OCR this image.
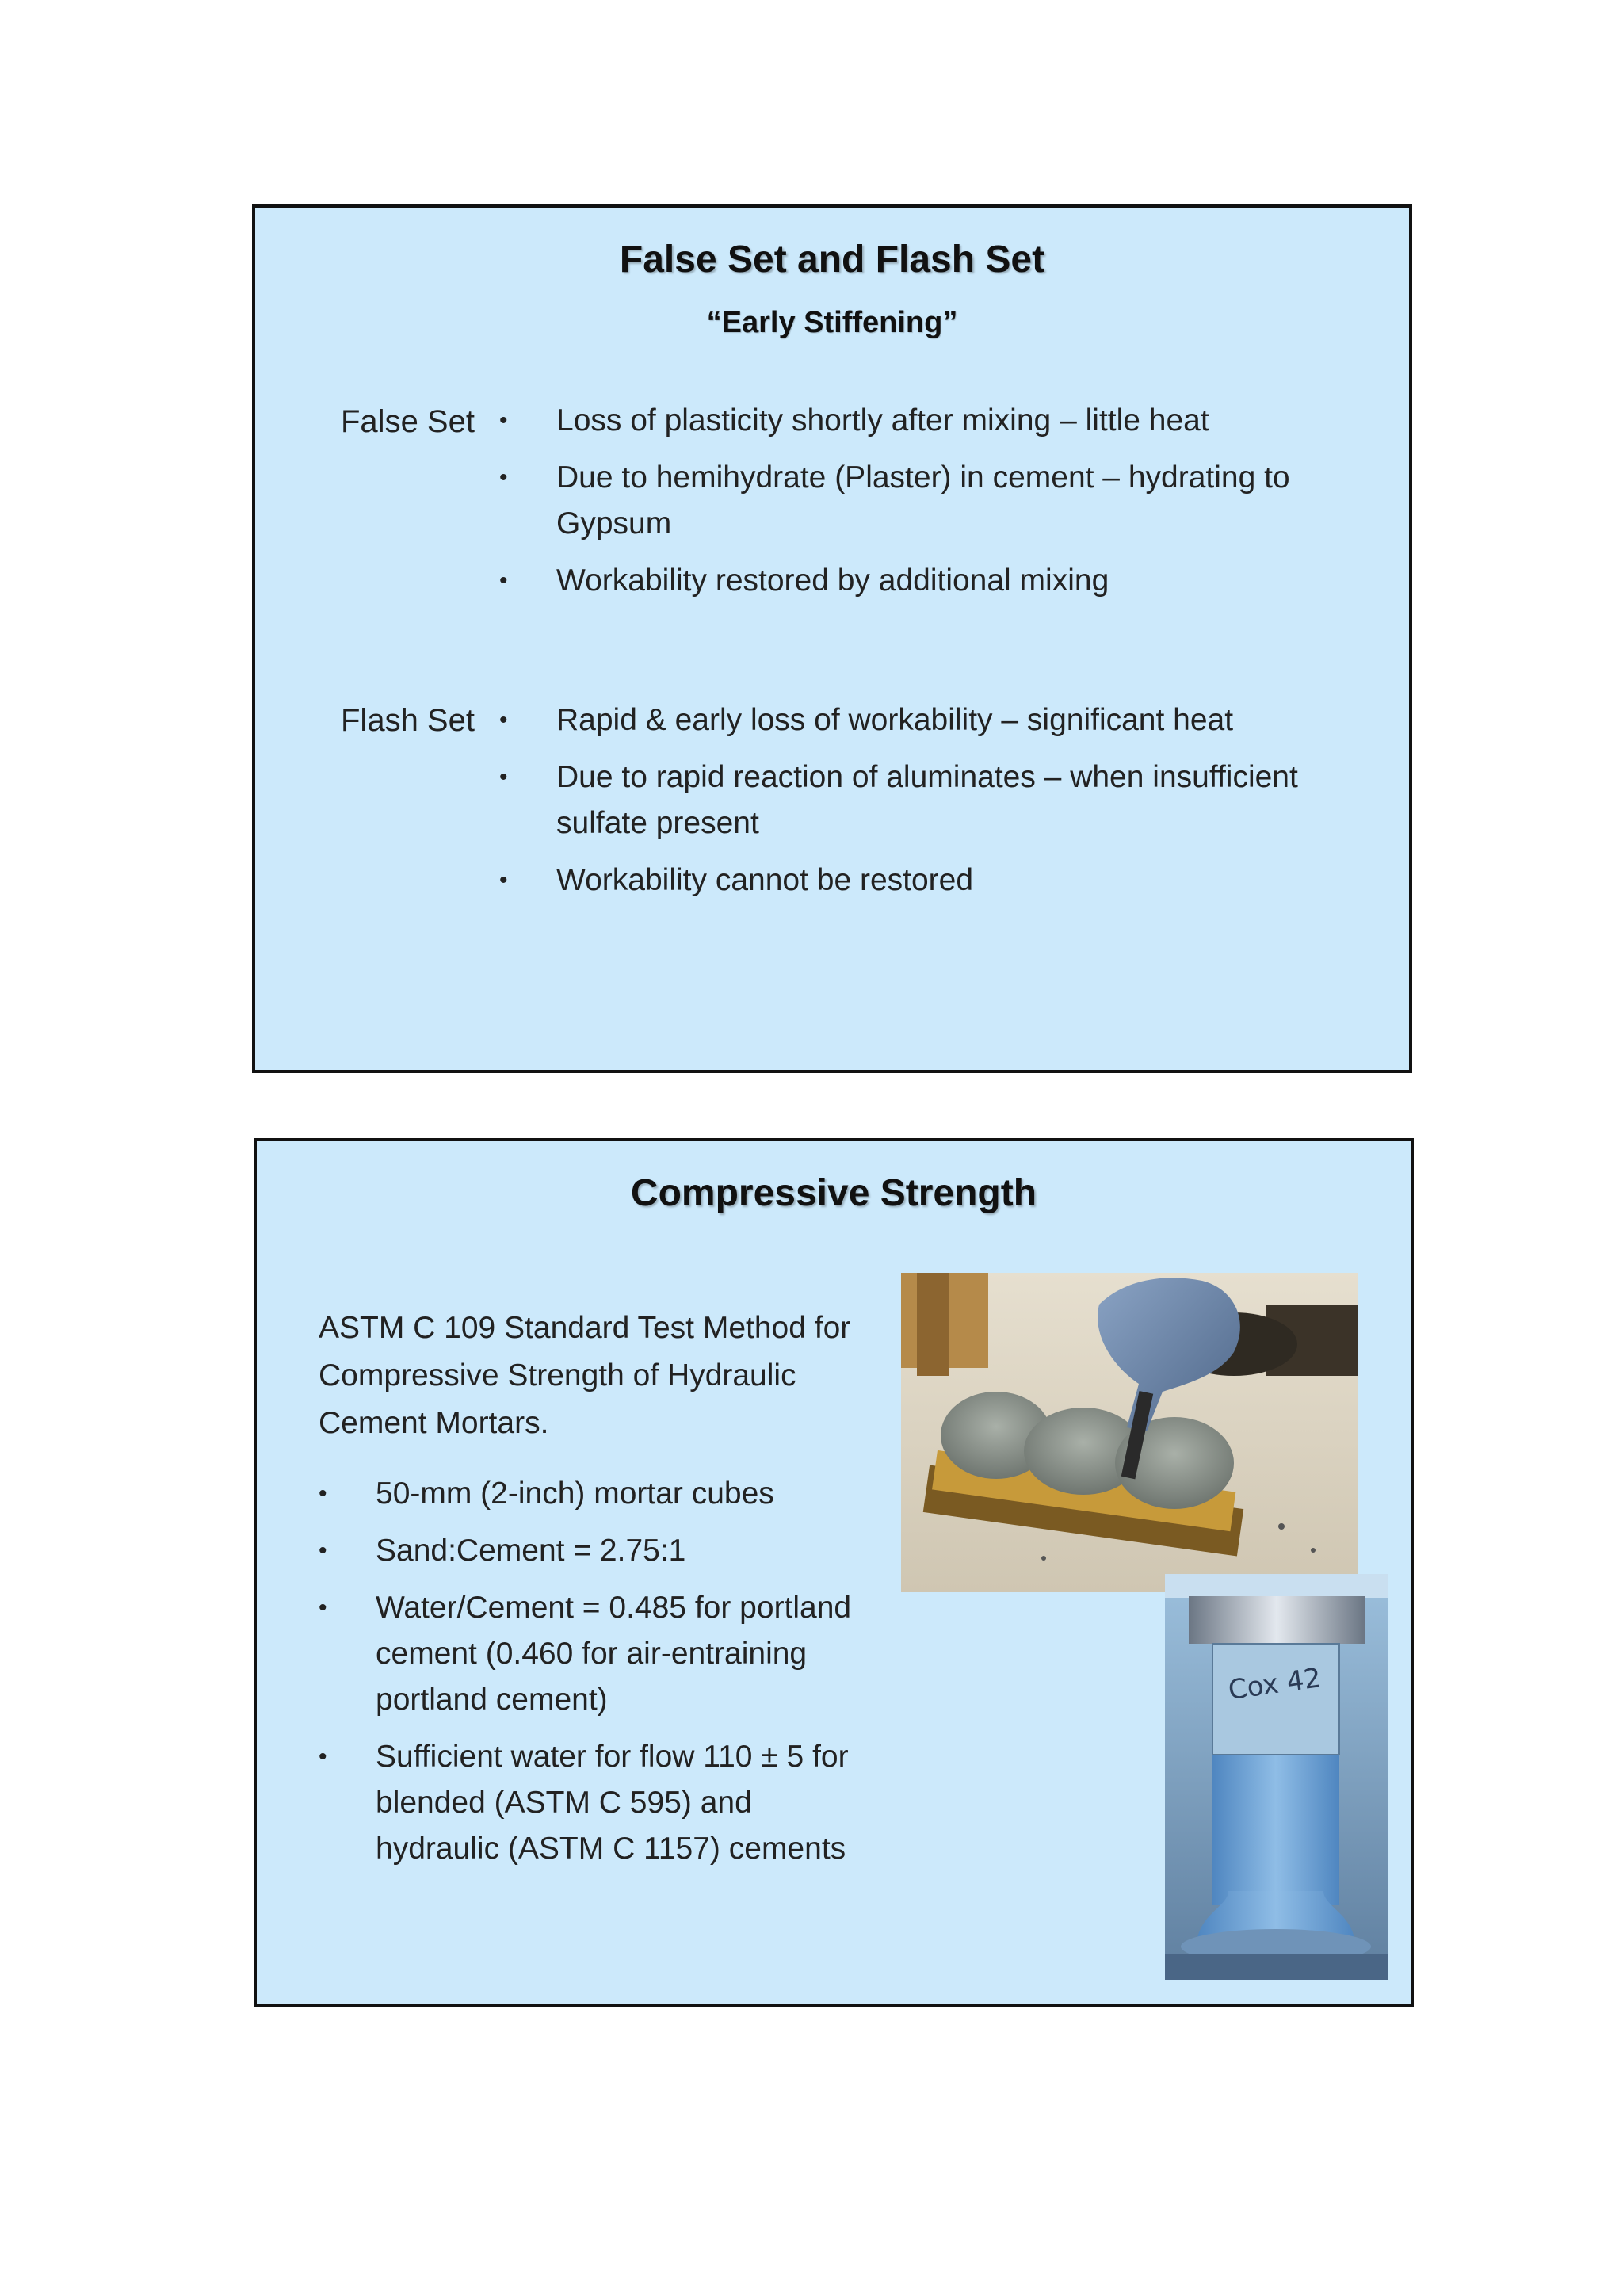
False Set and Flash Set
“Early Stiffening”
False Set • Loss of plasticity shortly after mixing – little heat
• Due to hemihydrate (Plaster) in cement – hydrating to Gypsum
• Workability restored by additional mixing
Flash Set • Rapid & early loss of workability – significant heat
• Due to rapid reaction of aluminates – when insufficient sulfate present
• Workability cannot be restored
Compressive Strength

ASTM C 109 Standard Test Method for Compressive Strength of Hydraulic Cement Mortars.

• 50-mm (2-inch) mortar cubes
• Sand:Cement = 2.75:1
• Water/Cement = 0.485 for portland cement (0.460 for air-entraining portland cement)
• Sufficient water for flow 110 ± 5 for blended (ASTM C 595) and hydraulic (ASTM C 1157) cements
Cox 42
